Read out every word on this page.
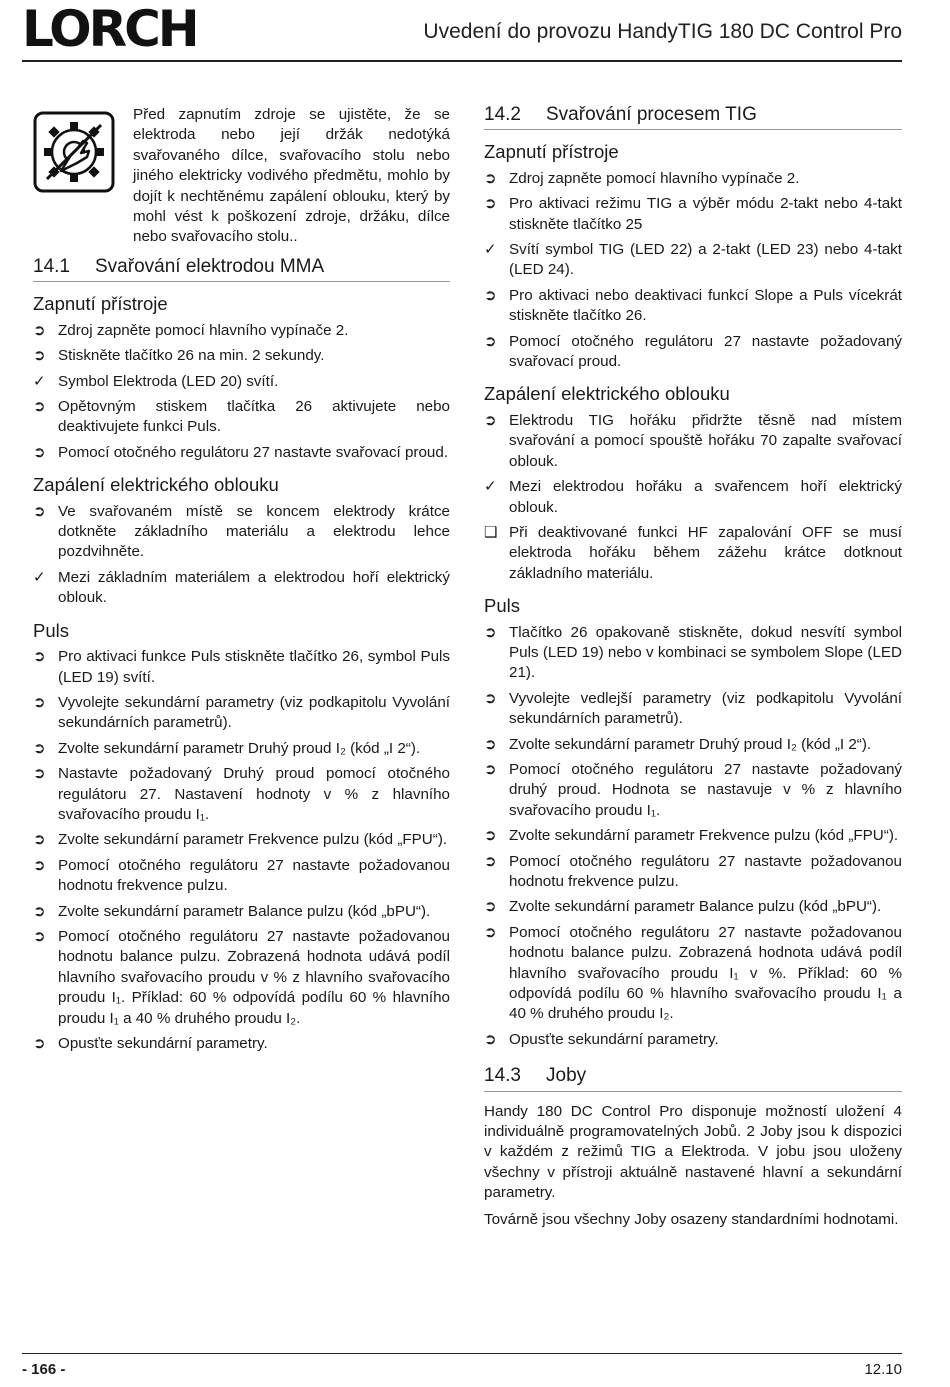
LORCH	Uvedení do provozu HandyTIG 180 DC Control Pro
Před zapnutím zdroje se ujistěte, že se elektroda nebo její držák nedotýká svařovaného dílce, svařovacího stolu nebo jiného elektricky vodivého předmětu, mohlo by dojít k nechtěnému zapálení oblouku, který by mohl vést k poškození zdroje, držáku, dílce nebo svařovacího stolu..
14.1	Svařování elektrodou MMA
Zapnutí přístroje
➲ Zdroj zapněte pomocí hlavního vypínače 2.
➲ Stiskněte tlačítko 26 na min. 2 sekundy.
✓ Symbol Elektroda (LED 20) svítí.
➲ Opětovným stiskem tlačítka 26 aktivujete nebo deaktivujete funkci Puls.
➲ Pomocí otočného regulátoru 27 nastavte svařovací proud.
Zapálení elektrického oblouku
➲ Ve svařovaném místě se koncem elektrody krátce dotkněte základního materiálu a elektrodu lehce pozdvihněte.
✓ Mezi základním materiálem a elektrodou hoří elektrický oblouk.
Puls
➲ Pro aktivaci funkce Puls stiskněte tlačítko 26, symbol Puls (LED 19) svítí.
➲ Vyvolejte sekundární parametry (viz podkapitolu Vyvolání sekundárních parametrů).
➲ Zvolte sekundární parametr Druhý proud I₂ (kód „I 2“).
➲ Nastavte požadovaný Druhý proud pomocí otočného regulátoru 27. Nastavení hodnoty v % z hlavního svařovacího proudu I₁.
➲ Zvolte sekundární parametr Frekvence pulzu (kód „FPU“).
➲ Pomocí otočného regulátoru 27 nastavte požadovanou hodnotu frekvence pulzu.
➲ Zvolte sekundární parametr Balance pulzu (kód „bPU“).
➲ Pomocí otočného regulátoru 27 nastavte požadovanou hodnotu balance pulzu. Zobrazená hodnota udává podíl hlavního svařovacího proudu v % z hlavního svařovacího proudu I₁. Příklad: 60 % odpovídá podílu 60 % hlavního proudu I₁ a 40 % druhého proudu I₂.
➲ Opusťte sekundární parametry.
14.2	Svařování procesem TIG
Zapnutí přístroje
➲ Zdroj zapněte pomocí hlavního vypínače 2.
➲ Pro aktivaci režimu TIG a výběr módu 2-takt nebo 4-takt stiskněte tlačítko 25
✓ Svítí symbol TIG (LED 22) a 2-takt (LED 23) nebo 4-takt (LED 24).
➲ Pro aktivaci nebo deaktivaci funkcí Slope a Puls vícekrát stiskněte tlačítko 26.
➲ Pomocí otočného regulátoru 27 nastavte požadovaný svařovací proud.
Zapálení elektrického oblouku
➲ Elektrodu TIG hořáku přidržte těsně nad místem svařování a pomocí spouště hořáku 70 zapalte svařovací oblouk.
✓ Mezi elektrodou hořáku a svařencem hoří elektrický oblouk.
❑ Při deaktivované funkci HF zapalování OFF se musí elektroda hořáku během zážehu krátce dotknout základního materiálu.
Puls
➲ Tlačítko 26 opakovaně stiskněte, dokud nesvítí symbol Puls (LED 19) nebo v kombinaci se symbolem Slope (LED 21).
➲ Vyvolejte vedlejší parametry (viz podkapitolu Vyvolání sekundárních parametrů).
➲ Zvolte sekundární parametr Druhý proud I₂ (kód „I 2“).
➲ Pomocí otočného regulátoru 27 nastavte požadovaný druhý proud. Hodnota se nastavuje v % z hlavního svařovacího proudu I₁.
➲ Zvolte sekundární parametr Frekvence pulzu (kód „FPU“).
➲ Pomocí otočného regulátoru 27 nastavte požadovanou hodnotu frekvence pulzu.
➲ Zvolte sekundární parametr Balance pulzu (kód „bPU“).
➲ Pomocí otočného regulátoru 27 nastavte požadovanou hodnotu balance pulzu. Zobrazená hodnota udává podíl hlavního svařovacího proudu I₁ v %. Příklad: 60 % odpovídá podílu 60 % hlavního svařovacího proudu I₁ a 40 % druhého proudu I₂.
➲ Opusťte sekundární parametry.
14.3	Joby
Handy 180 DC Control Pro disponuje možností uložení 4 individuálně programovatelných Jobů. 2 Joby jsou k dispozici v každém z režimů TIG a Elektroda. V jobu jsou uloženy všechny v přístroji aktuálně nastavené hlavní a sekundární parametry.
Továrně jsou všechny Joby osazeny standardními hodnotami.
- 166 -	12.10
